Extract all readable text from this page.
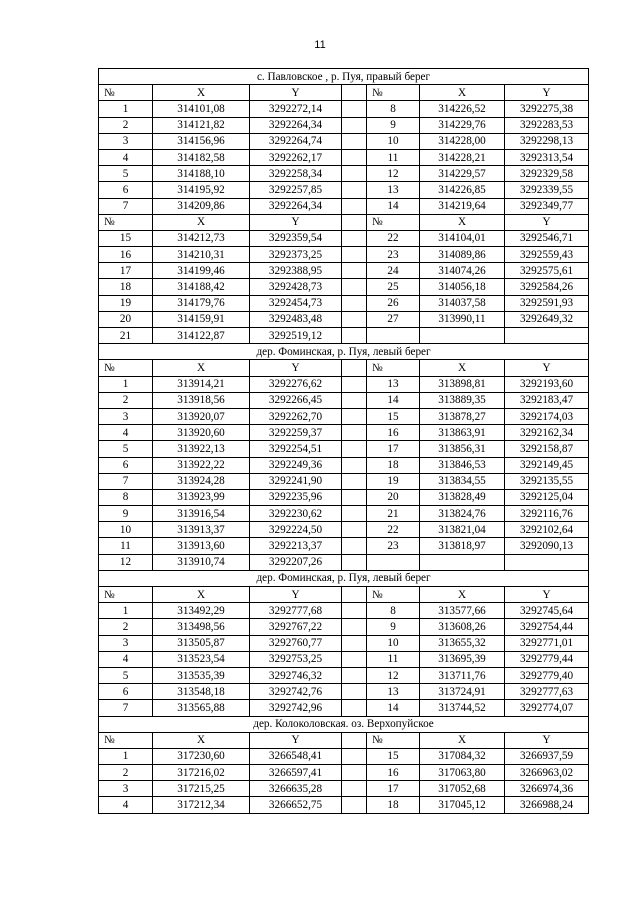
11
с. Павловское , р. Пуя, правый берег						
№	X	Y		№	X	Y
1	314101,08	3292272,14		8	314226,52	3292275,38
2	314121,82	3292264,34		9	314229,76	3292283,53
3	314156,96	3292264,74		10	314228,00	3292298,13
4	314182,58	3292262,17		11	314228,21	3292313,54
5	314188,10	3292258,34		12	314229,57	3292329,58
6	314195,92	3292257,85		13	314226,85	3292339,55
7	314209,86	3292264,34		14	314219,64	3292349,77
№	X	Y		№	X	Y
15	314212,73	3292359,54		22	314104,01	3292546,71
16	314210,31	3292373,25		23	314089,86	3292559,43
17	314199,46	3292388,95		24	314074,26	3292575,61
18	314188,42	3292428,73		25	314056,18	3292584,26
19	314179,76	3292454,73		26	314037,58	3292591,93
20	314159,91	3292483,48		27	313990,11	3292649,32
21	314122,87	3292519,12				
дер. Фоминская, р. Пуя, левый берег						
№	X	Y		№	X	Y
1	313914,21	3292276,62		13	313898,81	3292193,60
2	313918,56	3292266,45		14	313889,35	3292183,47
3	313920,07	3292262,70		15	313878,27	3292174,03
4	313920,60	3292259,37		16	313863,91	3292162,34
5	313922,13	3292254,51		17	313856,31	3292158,87
6	313922,22	3292249,36		18	313846,53	3292149,45
7	313924,28	3292241,90		19	313834,55	3292135,55
8	313923,99	3292235,96		20	313828,49	3292125,04
9	313916,54	3292230,62		21	313824,76	3292116,76
10	313913,37	3292224,50		22	313821,04	3292102,64
11	313913,60	3292213,37		23	313818,97	3292090,13
12	313910,74	3292207,26				
дер. Фоминская, р. Пуя, левый берег						
№	X	Y		№	X	Y
1	313492,29	3292777,68		8	313577,66	3292745,64
2	313498,56	3292767,22		9	313608,26	3292754,44
3	313505,87	3292760,77		10	313655,32	3292771,01
4	313523,54	3292753,25		11	313695,39	3292779,44
5	313535,39	3292746,32		12	313711,76	3292779,40
6	313548,18	3292742,76		13	313724,91	3292777,63
7	313565,88	3292742,96		14	313744,52	3292774,07
дер. Колоколовская. оз. Верхопуйское						
№	X	Y		№	X	Y
1	317230,60	3266548,41		15	317084,32	3266937,59
2	317216,02	3266597,41		16	317063,80	3266963,02
3	317215,25	3266635,28		17	317052,68	3266974,36
4	317212,34	3266652,75		18	317045,12	3266988,24
